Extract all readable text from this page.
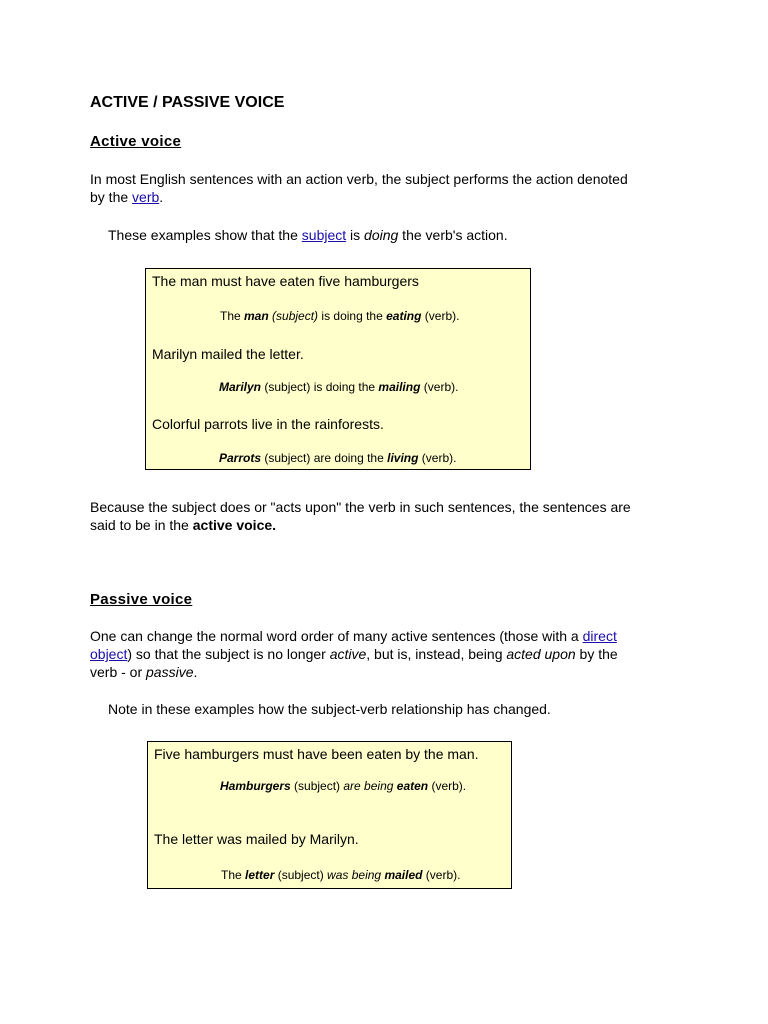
ACTIVE / PASSIVE VOICE
Active voice
In most English sentences with an action verb, the subject performs the action denoted
by the verb.
These examples show that the subject is doing the verb's action.
The man must have eaten five hamburgers
The man (subject) is doing the eating (verb).
Marilyn mailed the letter.
Marilyn (subject) is doing the mailing (verb).
Colorful parrots live in the rainforests.
Parrots (subject) are doing the living (verb).
Because the subject does or "acts upon" the verb in such sentences, the sentences are
said to be in the active voice.
Passive voice
One can change the normal word order of many active sentences (those with a direct
object) so that the subject is no longer active, but is, instead, being acted upon by the
verb - or passive.
Note in these examples how the subject-verb relationship has changed.
Five hamburgers must have been eaten by the man.
Hamburgers (subject) are being eaten (verb).
The letter was mailed by Marilyn.
The letter (subject) was being mailed (verb).
